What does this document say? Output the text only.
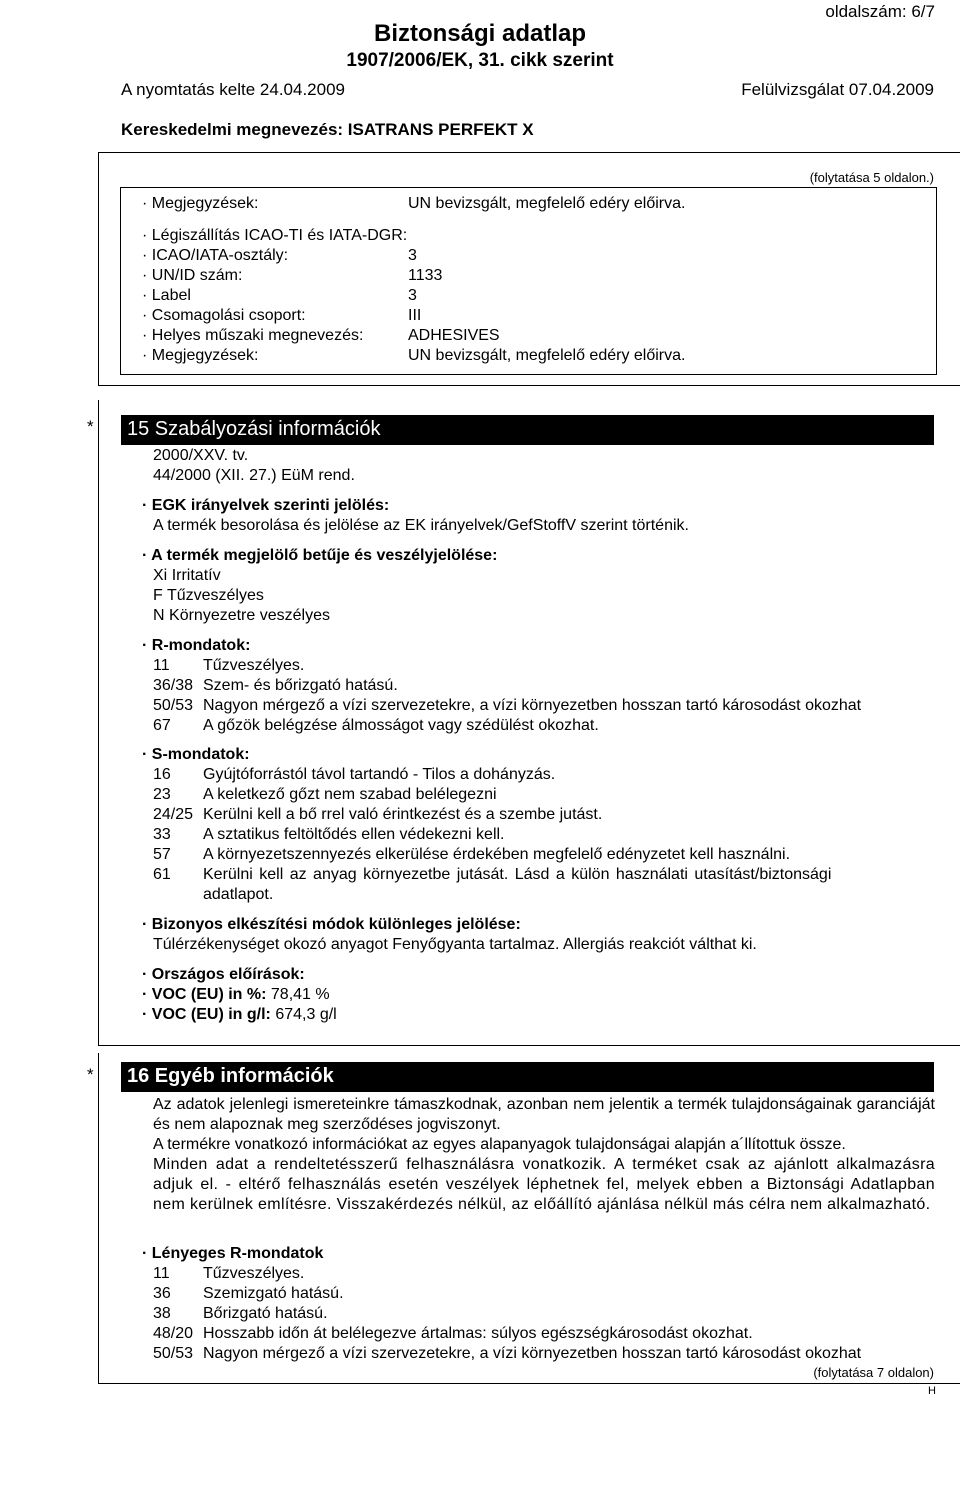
oldalszám: 6/7
Biztonsági adatlap
1907/2006/EK, 31. cikk szerint
A nyomtatás kelte 24.04.2009	Felülvizsgálat 07.04.2009
Kereskedelmi megnevezés: ISATRANS PERFEKT X
(folytatása 5 oldalon.)
· Megjegyzések:	UN bevizsgált, megfelelő edéry előirva.
· Légiszállítás ICAO-TI és IATA-DGR:
· ICAO/IATA-osztály:	3
· UN/ID szám:	1133
· Label	3
· Csomagolási csoport:	III
· Helyes műszaki megnevezés:	ADHESIVES
· Megjegyzések:	UN bevizsgált, megfelelő edéry előirva.
* 15 Szabályozási információk
2000/XXV. tv.
44/2000 (XII. 27.) EüM rend.
· EGK irányelvek szerinti jelölés:
A termék besorolása és jelölése az EK irányelvek/GefStoffV szerint történik.
· A termék megjelölő betűje és veszélyjelölése:
Xi Irritatív
F Tűzveszélyes
N Környezetre veszélyes
· R-mondatok:
11 Tűzveszélyes.
36/38 Szem- és bőrizgató hatású.
50/53 Nagyon mérgező a vízi szervezetekre, a vízi környezetben hosszan tartó károsodást okozhat
67 A gőzök belégzése álmosságot vagy szédülést okozhat.
· S-mondatok:
16 Gyújtóforrástól távol tartandó - Tilos a dohányzás.
23 A keletkező gőzt nem szabad belélegezni
24/25 Kerülni kell a bő rrel való érintkezést és a szembe jutást.
33 A sztatikus feltöltődés ellen védekezni kell.
57 A környezetszennyezés elkerülése érdekében megfelelő edényzetet kell használni.
61 Kerülni kell az anyag környezetbe jutását. Lásd a külön használati utasítást/biztonsági
adatlapot.
· Bizonyos elkészítési módok különleges jelölése:
Túlérzékenységet okozó anyagot Fenyőgyanta tartalmaz. Allergiás reakciót válthat ki.
· Országos előírások:
· VOC (EU) in %: 78,41 %
· VOC (EU) in g/l: 674,3 g/l
* 16 Egyéb információk
Az adatok jelenlegi ismereteinkre támaszkodnak, azonban nem jelentik a termék tulajdonságainak garanciáját és nem alapoznak meg szerződéses jogviszonyt.
A termékre vonatkozó információkat az egyes alapanyagok tulajdonságai alapján a´llítottuk össze.
Minden adat a rendeltetésszerű felhasználásra vonatkozik. A terméket csak az ajánlott alkalmazásra adjuk el. - eltérő felhasználás esetén veszélyek léphetnek fel, melyek ebben a Biztonsági Adatlapban nem kerülnek említésre. Visszakérdezés nélkül, az előállító ajánlása nélkül más célra nem alkalmazható.
· Lényeges R-mondatok
11 Tűzveszélyes.
36 Szemizgató hatású.
38 Bőrizgató hatású.
48/20 Hosszabb időn át belélegezve ártalmas: súlyos egészségkárosodást okozhat.
50/53 Nagyon mérgező a vízi szervezetekre, a vízi környezetben hosszan tartó károsodást okozhat
(folytatása 7 oldalon)
H
